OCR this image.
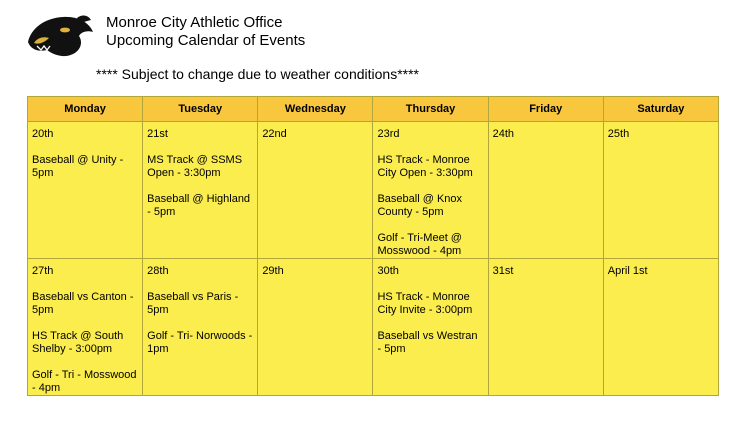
Monroe City Athletic Office
Upcoming Calendar of Events
**** Subject to change due to weather conditions****
Monday	Tuesday	Wednesday	Thursday	Friday	Saturday

20th
Baseball @ Unity - 5pm	21st
MS Track @ SSMS Open - 3:30pm
Baseball @ Highland - 5pm	22nd	23rd
HS Track - Monroe City Open - 3:30pm
Baseball @ Knox County - 5pm
Golf - Tri-Meet @ Mosswood - 4pm	24th	25th

27th
Baseball vs Canton - 5pm
HS Track @ South Shelby - 3:00pm
Golf - Tri - Mosswood - 4pm	28th
Baseball vs Paris - 5pm
Golf - Tri- Norwoods - 1pm	29th	30th
HS Track - Monroe City Invite - 3:00pm
Baseball vs Westran - 5pm	31st	April 1st
